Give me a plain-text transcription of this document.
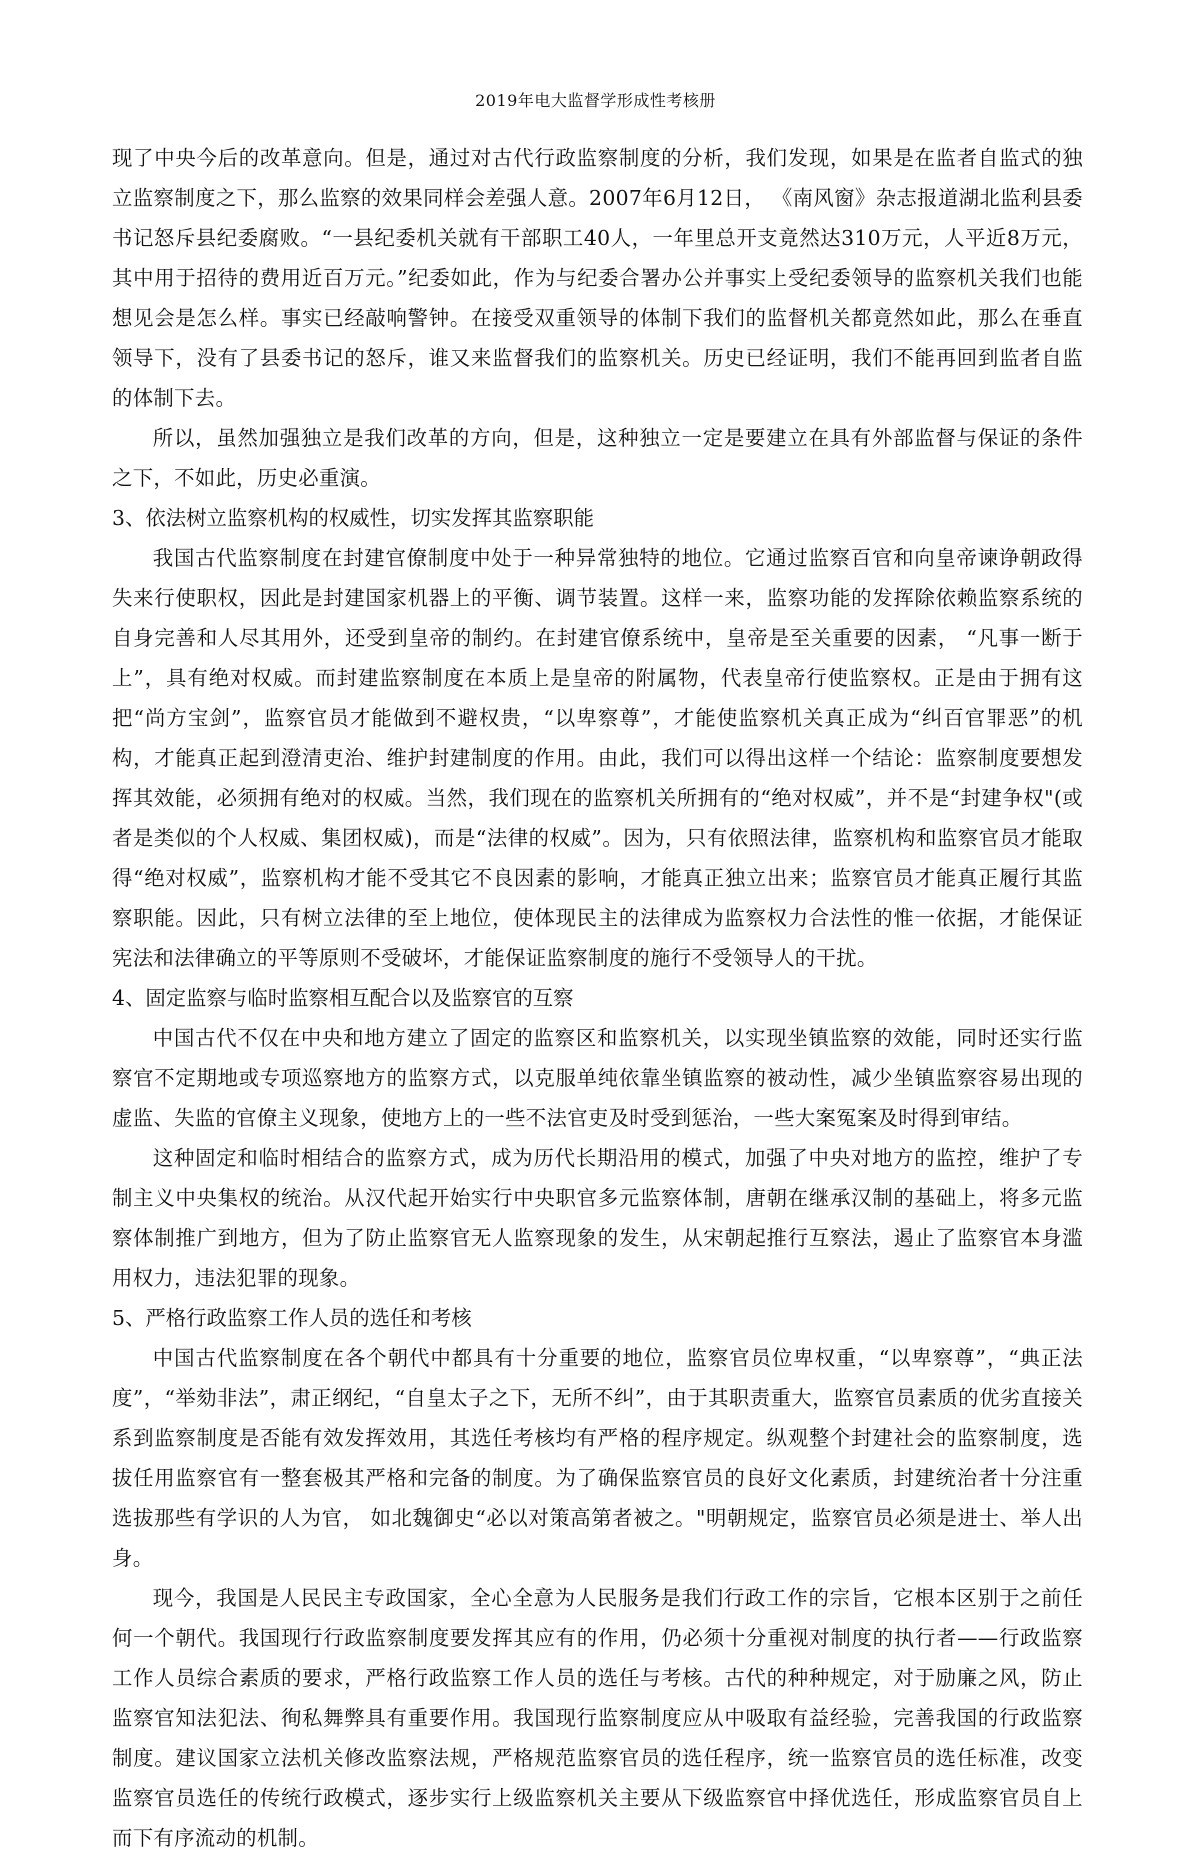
2019年电大监督学形成性考核册

现了中央今后的改革意向。但是，通过对古代行政监察制度的分析，我们发现，如果是在监者自监式的独立监察制度之下，那么监察的效果同样会差强人意。2007年6月12日， 《南风窗》杂志报道湖北监利县委书记怒斥县纪委腐败。“一县纪委机关就有干部职工40人，一年里总开支竟然达310万元，人平近8万元，其中用于招待的费用近百万元。”纪委如此，作为与纪委合署办公并事实上受纪委领导的监察机关我们也能想见会是怎么样。事实已经敲响警钟。在接受双重领导的体制下我们的监督机关都竟然如此，那么在垂直领导下，没有了县委书记的怒斥，谁又来监督我们的监察机关。历史已经证明，我们不能再回到监者自监的体制下去。

所以，虽然加强独立是我们改革的方向，但是，这种独立一定是要建立在具有外部监督与保证的条件之下，不如此，历史必重演。

3、依法树立监察机构的权威性，切实发挥其监察职能

我国古代监察制度在封建官僚制度中处于一种异常独特的地位。它通过监察百官和向皇帝谏诤朝政得失来行使职权，因此是封建国家机器上的平衡、调节装置。这样一来，监察功能的发挥除依赖监察系统的自身完善和人尽其用外，还受到皇帝的制约。在封建官僚系统中，皇帝是至关重要的因素， “凡事一断于上”，具有绝对权威。而封建监察制度在本质上是皇帝的附属物，代表皇帝行使监察权。正是由于拥有这把“尚方宝剑”，监察官员才能做到不避权贵，“以卑察尊”，才能使监察机关真正成为“纠百官罪恶”的机构，才能真正起到澄清吏治、维护封建制度的作用。由此，我们可以得出这样一个结论：监察制度要想发挥其效能，必须拥有绝对的权威。当然，我们现在的监察机关所拥有的“绝对权威”，并不是“封建争权"(或者是类似的个人权威、集团权威)，而是“法律的权威”。因为，只有依照法律，监察机构和监察官员才能取得“绝对权威”，监察机构才能不受其它不良因素的影响，才能真正独立出来；监察官员才能真正履行其监察职能。因此，只有树立法律的至上地位，使体现民主的法律成为监察权力合法性的惟一依据，才能保证宪法和法律确立的平等原则不受破坏，才能保证监察制度的施行不受领导人的干扰。

4、固定监察与临时监察相互配合以及监察官的互察

中国古代不仅在中央和地方建立了固定的监察区和监察机关，以实现坐镇监察的效能，同时还实行监察官不定期地或专项巡察地方的监察方式，以克服单纯依靠坐镇监察的被动性，减少坐镇监察容易出现的虚监、失监的官僚主义现象，使地方上的一些不法官吏及时受到惩治，一些大案冤案及时得到审结。

这种固定和临时相结合的监察方式，成为历代长期沿用的模式，加强了中央对地方的监控，维护了专制主义中央集权的统治。从汉代起开始实行中央职官多元监察体制，唐朝在继承汉制的基础上，将多元监察体制推广到地方，但为了防止监察官无人监察现象的发生，从宋朝起推行互察法，遏止了监察官本身滥用权力，违法犯罪的现象。

5、严格行政监察工作人员的选任和考核

中国古代监察制度在各个朝代中都具有十分重要的地位，监察官员位卑权重，“以卑察尊”，“典正法度”，“举劾非法”，肃正纲纪，“自皇太子之下，无所不纠”，由于其职责重大，监察官员素质的优劣直接关系到监察制度是否能有效发挥效用，其选任考核均有严格的程序规定。纵观整个封建社会的监察制度，选拔任用监察官有一整套极其严格和完备的制度。为了确保监察官员的良好文化素质，封建统治者十分注重选拔那些有学识的人为官， 如北魏御史“必以对策高第者被之。"明朝规定，监察官员必须是进士、举人出身。

现今，我国是人民民主专政国家，全心全意为人民服务是我们行政工作的宗旨，它根本区别于之前任何一个朝代。我国现行行政监察制度要发挥其应有的作用，仍必须十分重视对制度的执行者——行政监察工作人员综合素质的要求，严格行政监察工作人员的选任与考核。古代的种种规定，对于励廉之风，防止监察官知法犯法、徇私舞弊具有重要作用。我国现行监察制度应从中吸取有益经验，完善我国的行政监察制度。建议国家立法机关修改监察法规，严格规范监察官员的选任程序，统一监察官员的选任标准，改变监察官员选任的传统行政模式，逐步实行上级监察机关主要从下级监察官中择优选任，形成监察官员自上而下有序流动的机制。
